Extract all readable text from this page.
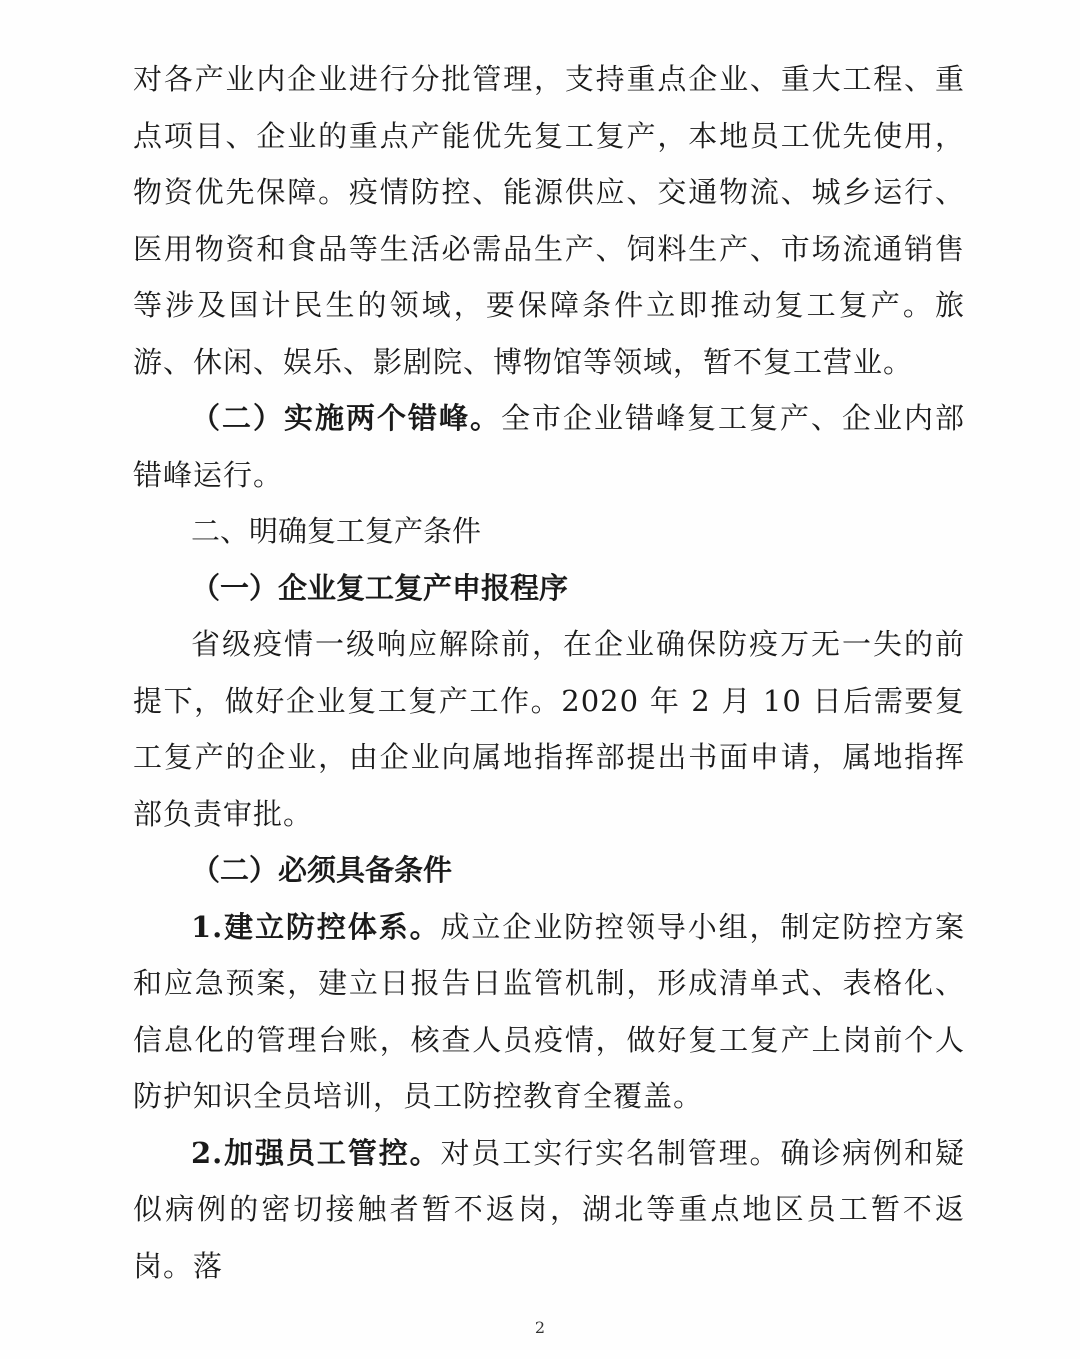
对各产业内企业进行分批管理，支持重点企业、重大工程、重点项目、企业的重点产能优先复工复产，本地员工优先使用，物资优先保障。疫情防控、能源供应、交通物流、城乡运行、医用物资和食品等生活必需品生产、饲料生产、市场流通销售等涉及国计民生的领域，要保障条件立即推动复工复产。旅游、休闲、娱乐、影剧院、博物馆等领域，暂不复工营业。

（二）实施两个错峰。全市企业错峰复工复产、企业内部错峰运行。

二、明确复工复产条件

（一）企业复工复产申报程序

省级疫情一级响应解除前，在企业确保防疫万无一失的前提下，做好企业复工复产工作。2020 年 2 月 10 日后需要复工复产的企业，由企业向属地指挥部提出书面申请，属地指挥部负责审批。

（二）必须具备条件

1.建立防控体系。成立企业防控领导小组，制定防控方案和应急预案，建立日报告日监管机制，形成清单式、表格化、信息化的管理台账，核查人员疫情，做好复工复产上岗前个人防护知识全员培训，员工防控教育全覆盖。

2.加强员工管控。对员工实行实名制管理。确诊病例和疑似病例的密切接触者暂不返岗，湖北等重点地区员工暂不返岗。落

2
